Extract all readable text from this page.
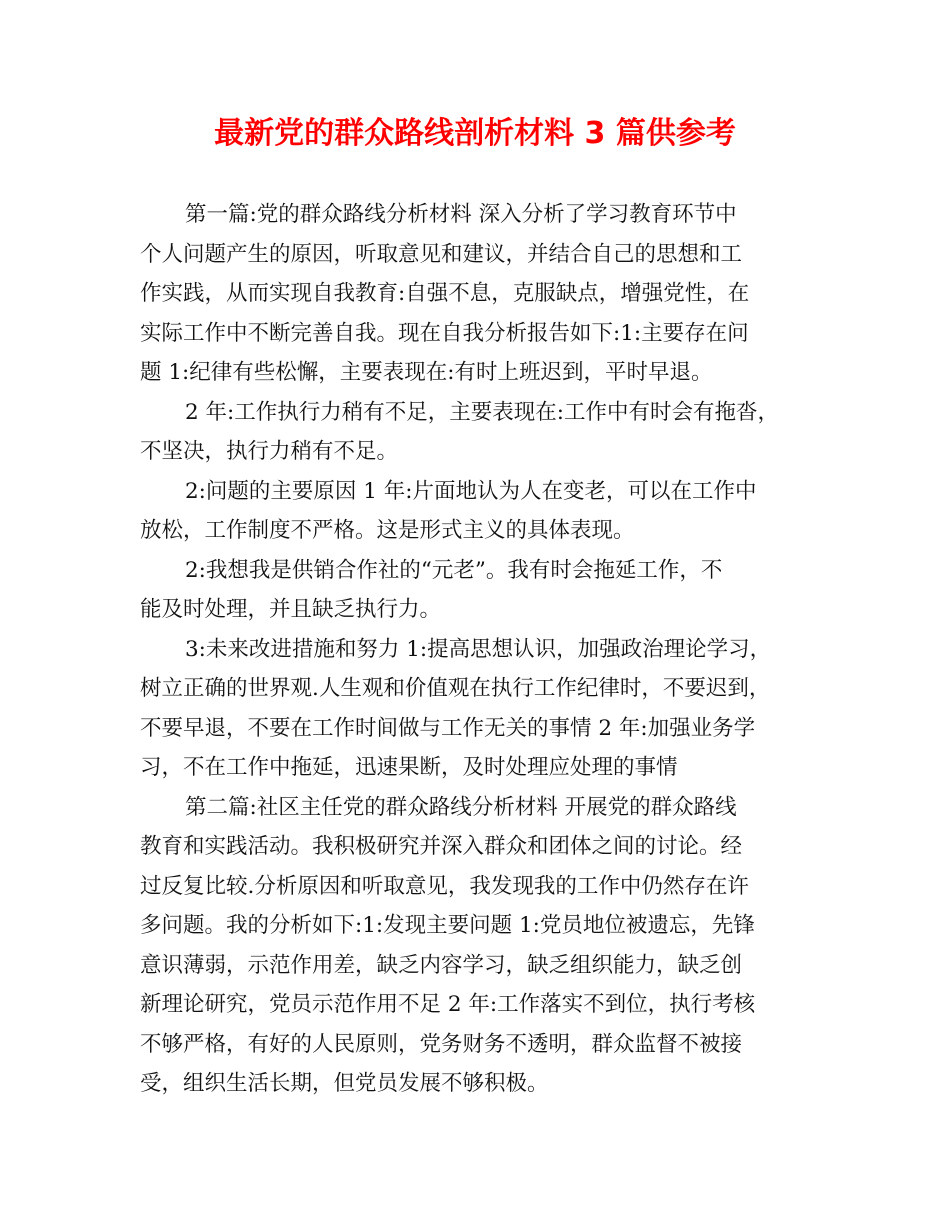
最新党的群众路线剖析材料 3 篇供参考

第一篇:党的群众路线分析材料 深入分析了学习教育环节中
个人问题产生的原因，听取意见和建议，并结合自己的思想和工
作实践，从而实现自我教育:自强不息，克服缺点，增强党性，在
实际工作中不断完善自我。现在自我分析报告如下:1:主要存在问
题 1:纪律有些松懈，主要表现在:有时上班迟到，平时早退。

2 年:工作执行力稍有不足，主要表现在:工作中有时会有拖沓，
不坚决，执行力稍有不足。

2:问题的主要原因 1 年:片面地认为人在变老，可以在工作中
放松，工作制度不严格。这是形式主义的具体表现。

2:我想我是供销合作社的“元老”。我有时会拖延工作，不
能及时处理，并且缺乏执行力。

3:未来改进措施和努力 1:提高思想认识，加强政治理论学习，
树立正确的世界观.人生观和价值观在执行工作纪律时，不要迟到，
不要早退，不要在工作时间做与工作无关的事情 2 年:加强业务学
习，不在工作中拖延，迅速果断，及时处理应处理的事情

第二篇:社区主任党的群众路线分析材料 开展党的群众路线
教育和实践活动。我积极研究并深入群众和团体之间的讨论。经
过反复比较.分析原因和听取意见，我发现我的工作中仍然存在许
多问题。我的分析如下:1:发现主要问题 1:党员地位被遗忘，先锋
意识薄弱，示范作用差，缺乏内容学习，缺乏组织能力，缺乏创
新理论研究，党员示范作用不足 2 年:工作落实不到位，执行考核
不够严格，有好的人民原则，党务财务不透明，群众监督不被接
受，组织生活长期，但党员发展不够积极。
